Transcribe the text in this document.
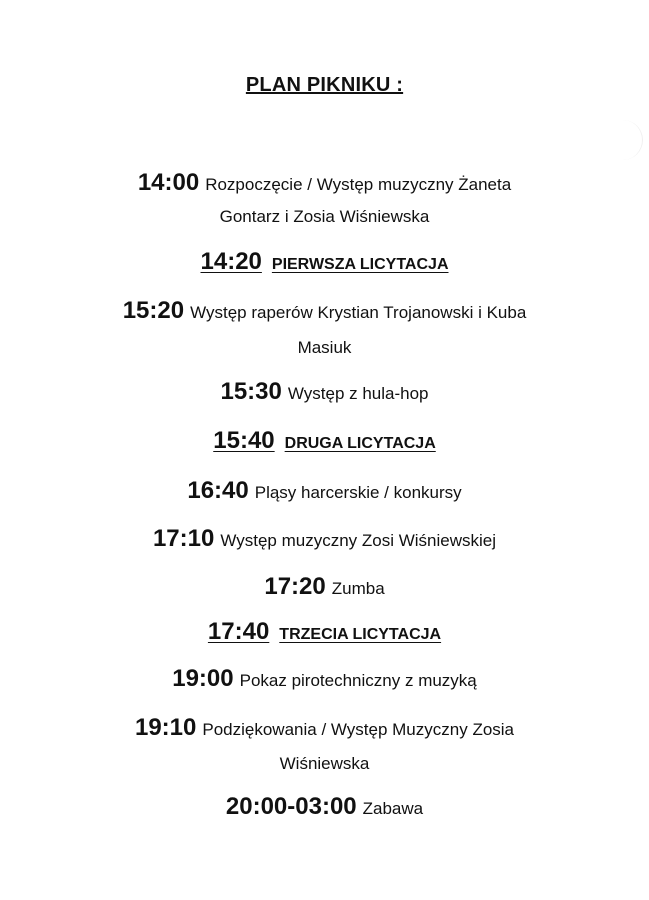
PLAN PIKNIKU :
14:00 Rozpoczęcie / Występ muzyczny Żaneta
Gontarz i Zosia Wiśniewska
14:20 PIERWSZA LICYTACJA
15:20 Występ raperów Krystian Trojanowski i Kuba
Masiuk
15:30 Występ z hula-hop
15:40 DRUGA LICYTACJA
16:40 Pląsy harcerskie / konkursy
17:10 Występ muzyczny Zosi Wiśniewskiej
17:20 Zumba
17:40 TRZECIA LICYTACJA
19:00 Pokaz pirotechniczny z muzyką
19:10 Podziękowania / Występ Muzyczny Zosia
Wiśniewska
20:00-03:00 Zabawa
